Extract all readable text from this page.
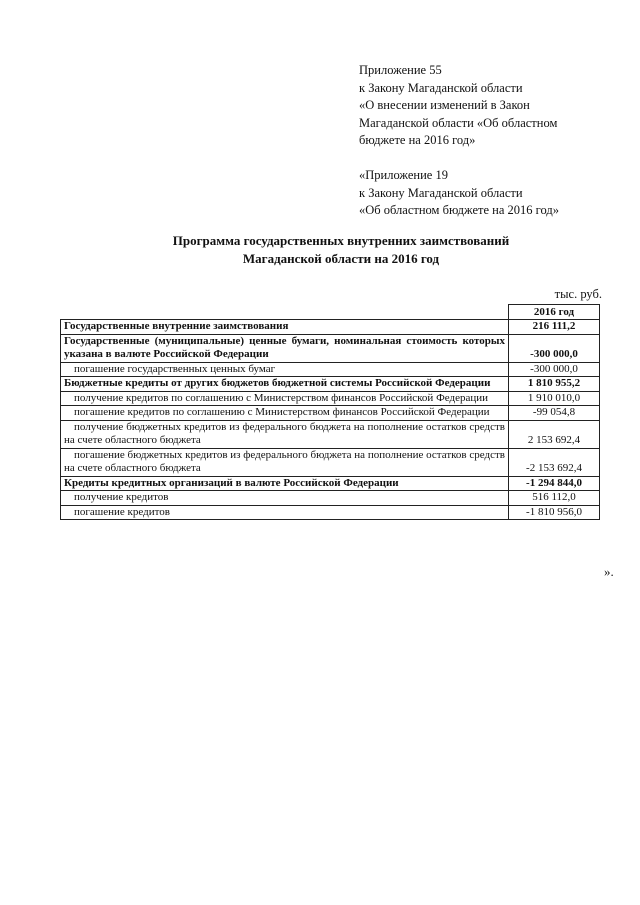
Приложение 55
к Закону Магаданской области
«О внесении изменений в Закон
Магаданской области «Об областном
бюджете на 2016 год»
«Приложение 19
к Закону Магаданской области
«Об областном бюджете на 2016 год»
Программа государственных внутренних заимствований
Магаданской области на 2016 год
тыс. руб.
	2016 год
Государственные внутренние заимствования	216 111,2
Государственные (муниципальные) ценные бумаги, номинальная стоимость которых указана в валюте Российской Федерации	-300 000,0
погашение государственных ценных бумаг	-300 000,0
Бюджетные кредиты от других бюджетов бюджетной системы Российской Федерации	1 810 955,2
получение кредитов по соглашению с Министерством финансов Российской Федерации	1 910 010,0
погашение кредитов по соглашению с Министерством финансов Российской Федерации	-99 054,8
получение бюджетных кредитов из федерального бюджета на пополнение остатков средств на счете областного бюджета	2 153 692,4
погашение бюджетных кредитов из федерального бюджета на пополнение остатков средств на счете областного бюджета	-2 153 692,4
Кредиты кредитных организаций в валюте Российской Федерации	-1 294 844,0
получение кредитов	516 112,0
погашение кредитов	-1 810 956,0
».
